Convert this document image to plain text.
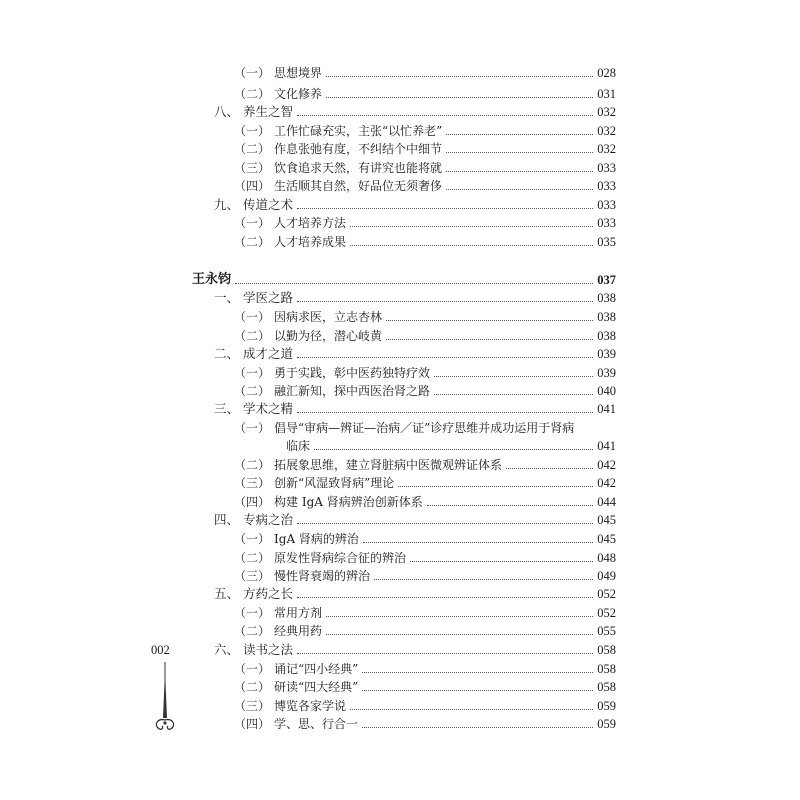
（一） 思想境界	028
（二） 文化修养	031
八、 养生之智	032
（一） 工作忙碌充实，主张“以忙养老”	032
（二） 作息张弛有度，不纠结个中细节	032
（三） 饮食追求天然，有讲究也能将就	033
（四） 生活顺其自然，好品位无须奢侈	033
九、 传道之术	033
（一） 人才培养方法	033
（二） 人才培养成果	035
王永钧	037
一、 学医之路	038
（一） 因病求医，立志杏林	038
（二） 以勤为径，潜心岐黄	038
二、 成才之道	039
（一） 勇于实践，彰中医药独特疗效	039
（二） 融汇新知，探中西医治肾之路	040
三、 学术之精	041
（一） 倡导“审病—辨证—治病／证”诊疗思维并成功运用于肾病
临床	041
（二） 拓展象思维，建立肾脏病中医微观辨证体系	042
（三） 创新“风湿致肾病”理论	042
（四） 构建 IgA 肾病辨治创新体系	044
四、 专病之治	045
（一） IgA 肾病的辨治	045
（二） 原发性肾病综合征的辨治	048
（三） 慢性肾衰竭的辨治	049
五、 方药之长	052
（一） 常用方剂	052
（二） 经典用药	055
六、 读书之法	058
（一） 诵记“四小经典”	058
（二） 研读“四大经典”	058
（三） 博览各家学说	059
（四） 学、思、行合一	059
002
